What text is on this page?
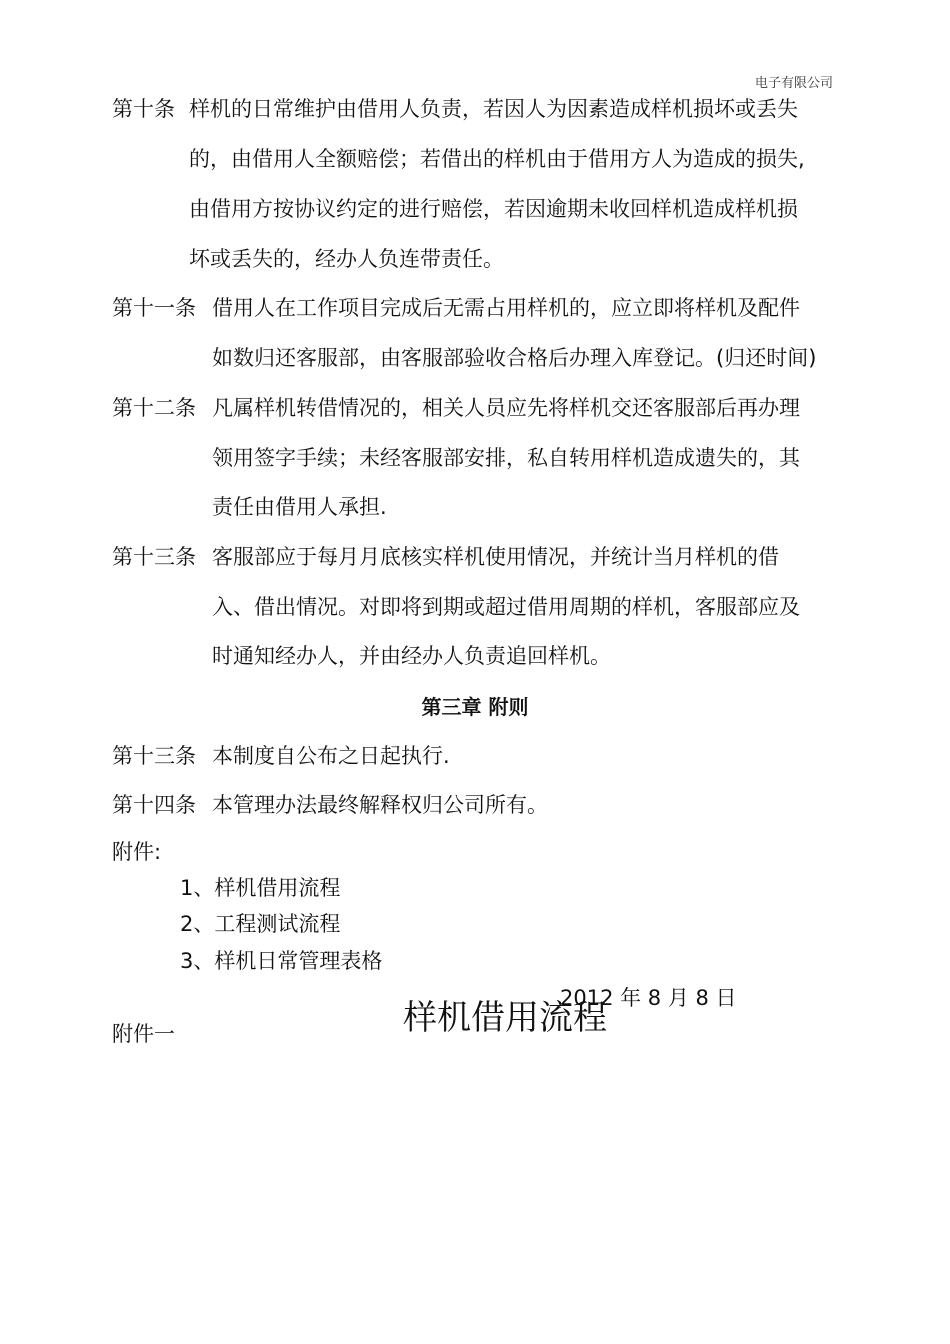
电子有限公司
第十条 样机的日常维护由借用人负责，若因人为因素造成样机损坏或丢失
的，由借用人全额赔偿；若借出的样机由于借用方人为造成的损失,
由借用方按协议约定的进行赔偿，若因逾期未收回样机造成样机损
坏或丢失的，经办人负连带责任。
第十一条 借用人在工作项目完成后无需占用样机的，应立即将样机及配件
如数归还客服部，由客服部验收合格后办理入库登记。(归还时间)
第十二条 凡属样机转借情况的，相关人员应先将样机交还客服部后再办理
领用签字手续；未经客服部安排，私自转用样机造成遗失的，其
责任由借用人承担.
第十三条 客服部应于每月月底核实样机使用情况，并统计当月样机的借
入、借出情况。对即将到期或超过借用周期的样机，客服部应及
时通知经办人，并由经办人负责追回样机。
第三章 附则
第十三条 本制度自公布之日起执行.
第十四条 本管理办法最终解释权归公司所有。
附件:
1、样机借用流程
2、工程测试流程
3、样机日常管理表格
2012 年 8 月 8 日
样机借用流程
附件一
